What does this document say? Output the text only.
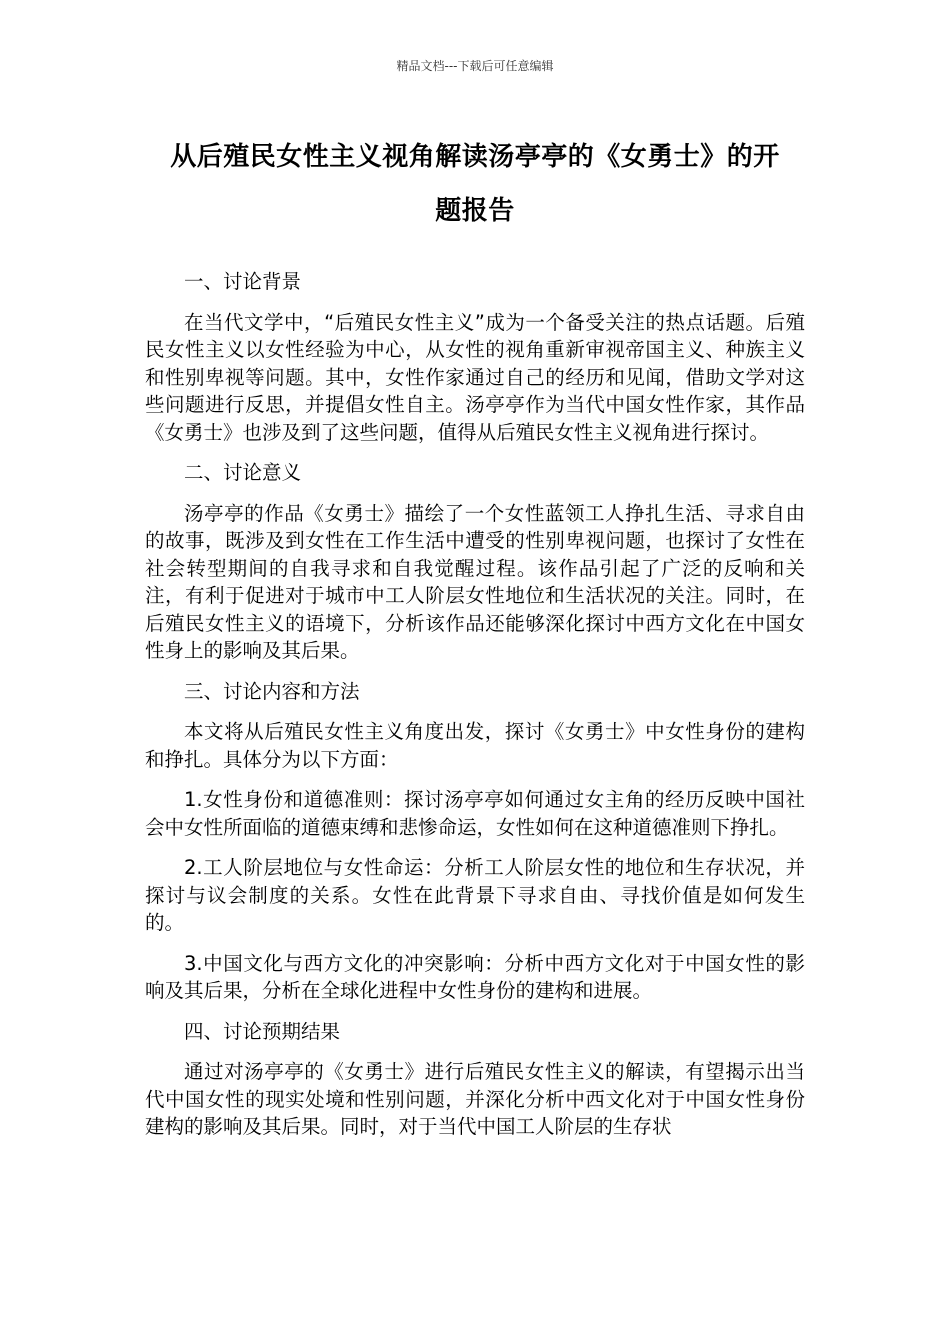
精品文档---下载后可任意编辑
从后殖民女性主义视角解读汤亭亭的《女勇士》的开
题报告

一、讨论背景

在当代文学中，“后殖民女性主义”成为一个备受关注的热点话题。后殖民女性主义以女性经验为中心，从女性的视角重新审视帝国主义、种族主义和性别卑视等问题。其中，女性作家通过自己的经历和见闻，借助文学对这些问题进行反思，并提倡女性自主。汤亭亭作为当代中国女性作家，其作品《女勇士》也涉及到了这些问题，值得从后殖民女性主义视角进行探讨。

二、讨论意义

汤亭亭的作品《女勇士》描绘了一个女性蓝领工人挣扎生活、寻求自由的故事，既涉及到女性在工作生活中遭受的性别卑视问题，也探讨了女性在社会转型期间的自我寻求和自我觉醒过程。该作品引起了广泛的反响和关注，有利于促进对于城市中工人阶层女性地位和生活状况的关注。同时，在后殖民女性主义的语境下，分析该作品还能够深化探讨中西方文化在中国女性身上的影响及其后果。

三、讨论内容和方法

本文将从后殖民女性主义角度出发，探讨《女勇士》中女性身份的建构和挣扎。具体分为以下方面：

1.女性身份和道德准则：探讨汤亭亭如何通过女主角的经历反映中国社会中女性所面临的道德束缚和悲惨命运，女性如何在这种道德准则下挣扎。

2.工人阶层地位与女性命运：分析工人阶层女性的地位和生存状况，并探讨与议会制度的关系。女性在此背景下寻求自由、寻找价值是如何发生的。

3.中国文化与西方文化的冲突影响：分析中西方文化对于中国女性的影响及其后果，分析在全球化进程中女性身份的建构和进展。

四、讨论预期结果

通过对汤亭亭的《女勇士》进行后殖民女性主义的解读，有望揭示出当代中国女性的现实处境和性别问题，并深化分析中西文化对于中国女性身份建构的影响及其后果。同时，对于当代中国工人阶层的生存状
